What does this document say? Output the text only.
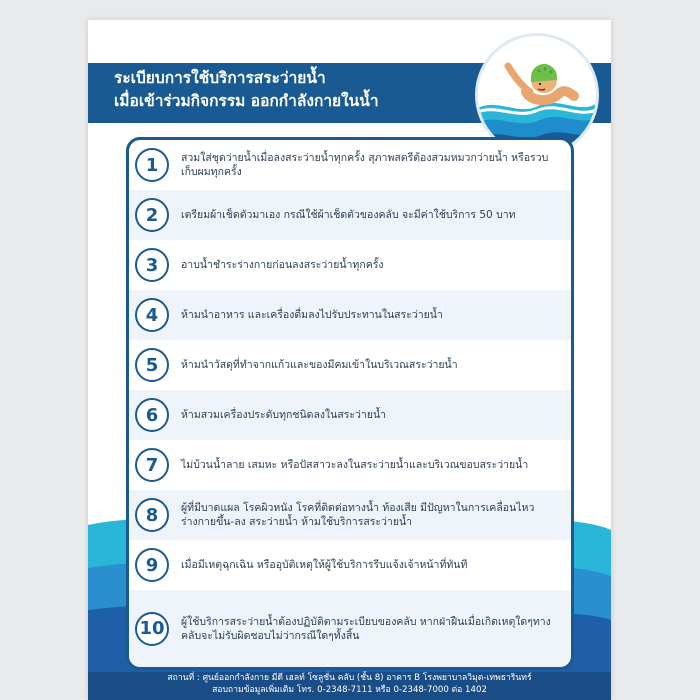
ระเบียบการใช้บริการสระว่ายน้ำ
เมื่อเข้าร่วมกิจกรรม ออกกำลังกายในน้ำ
1	สวมใส่ชุดว่ายน้ำเมื่อลงสระว่ายน้ำทุกครั้ง สุภาพสตรีต้องสวมหมวกว่ายน้ำ หรือรวบเก็บผมทุกครั้ง
2	เตรียมผ้าเช็ดตัวมาเอง กรณีใช้ผ้าเช็ดตัวของคลับ จะมีค่าใช้บริการ 50 บาท
3	อาบน้ำชำระร่างกายก่อนลงสระว่ายน้ำทุกครั้ง
4	ห้ามนำอาหาร และเครื่องดื่มลงไปรับประทานในสระว่ายน้ำ
5	ห้ามนำวัสดุที่ทำจากแก้วและของมีคมเข้าในบริเวณสระว่ายน้ำ
6	ห้ามสวมเครื่องประดับทุกชนิดลงในสระว่ายน้ำ
7	ไม่บ้วนน้ำลาย เสมหะ หรือปัสสาวะลงในสระว่ายน้ำและบริเวณขอบสระว่ายน้ำ
8	ผู้ที่มีบาดแผล โรคผิวหนัง โรคที่ติดต่อทางน้ำ ท้องเสีย มีปัญหาในการเคลื่อนไหวร่างกายขึ้น-ลง สระว่ายน้ำ ห้ามใช้บริการสระว่ายน้ำ
9	เมื่อมีเหตุฉุกเฉิน หรืออุบัติเหตุให้ผู้ใช้บริการรีบแจ้งเจ้าหน้าที่ทันที
10	ผู้ใช้บริการสระว่ายน้ำต้องปฏิบัติตามระเบียบของคลับ หากฝ่าฝืนเมื่อเกิดเหตุใดๆทางคลับจะไม่รับผิดชอบไม่ว่ากรณีใดๆทั้งสิ้น
สถานที่ : ศูนย์ออกกำลังกาย มีดี เฮลท์ โซลูชั่น คลับ (ชั้น 8) อาคาร B โรงพยาบาลวิมุต-เทพธารินทร์
สอบถามข้อมูลเพิ่มเติม โทร. 0-2348-7111 หรือ 0-2348-7000 ต่อ 1402
